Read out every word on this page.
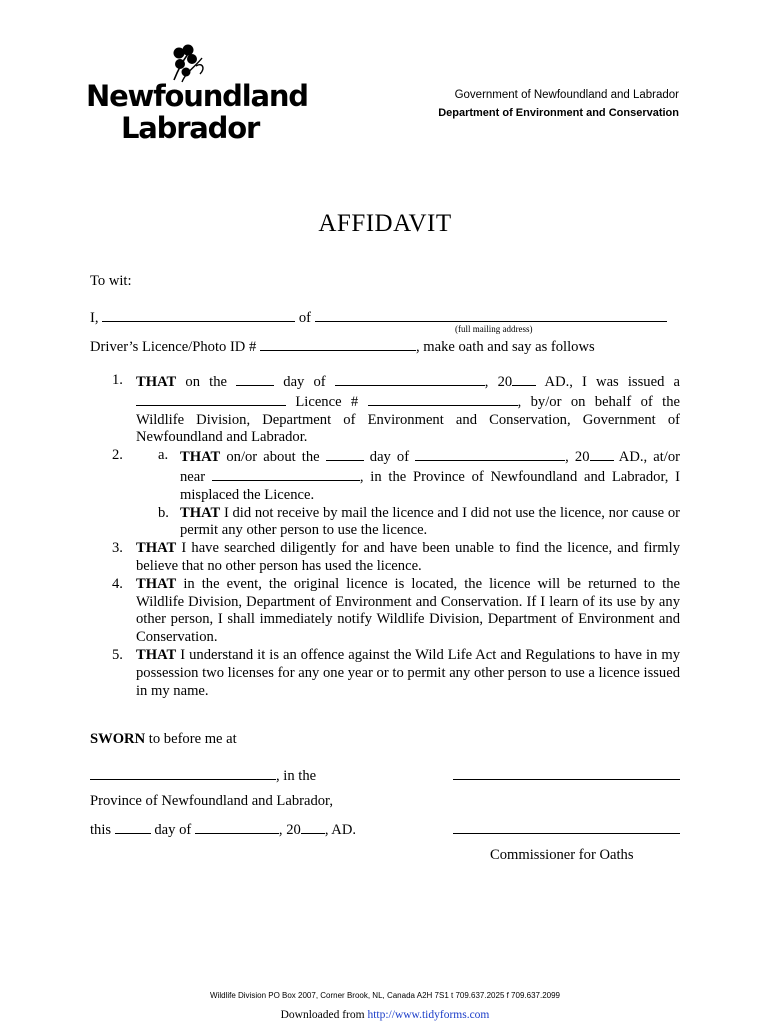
Newfoundland
Labrador
Government of Newfoundland and Labrador
Department of Environment and Conservation
AFFIDAVIT
To wit:
I,	of
(full mailing address)
Driver’s Licence/Photo ID #	, make oath and say as follows
1. THAT on the	day of	, 20 AD., I was issued a  Licence #	, by/or on behalf of the Wildlife Division, Department of Environment and Conservation, Government of Newfoundland and Labrador.
2. a. THAT on/or about the	day of	, 20 AD., at/or near	, in the Province of Newfoundland and Labrador, I misplaced the Licence.
b. THAT I did not receive by mail the licence and I did not use the licence, nor cause or permit any other person to use the licence.
3. THAT I have searched diligently for and have been unable to find the licence, and firmly believe that no other person has used the licence.
4. THAT in the event, the original licence is located, the licence will be returned to the Wildlife Division, Department of Environment and Conservation. If I learn of its use by any other person, I shall immediately notify Wildlife Division, Department of Environment and Conservation.
5. THAT I understand it is an offence against the Wild Life Act and Regulations to have in my possession two licenses for any one year or to permit any other person to use a licence issued in my name.
SWORN to before me at
, in the
Province of Newfoundland and Labrador,
this  day of	, 20 , AD.
Commissioner for Oaths
Wildlife Division PO Box 2007, Corner Brook, NL, Canada A2H 7S1 t 709.637.2025 f 709.637.2099
Downloaded from http://www.tidyforms.com
